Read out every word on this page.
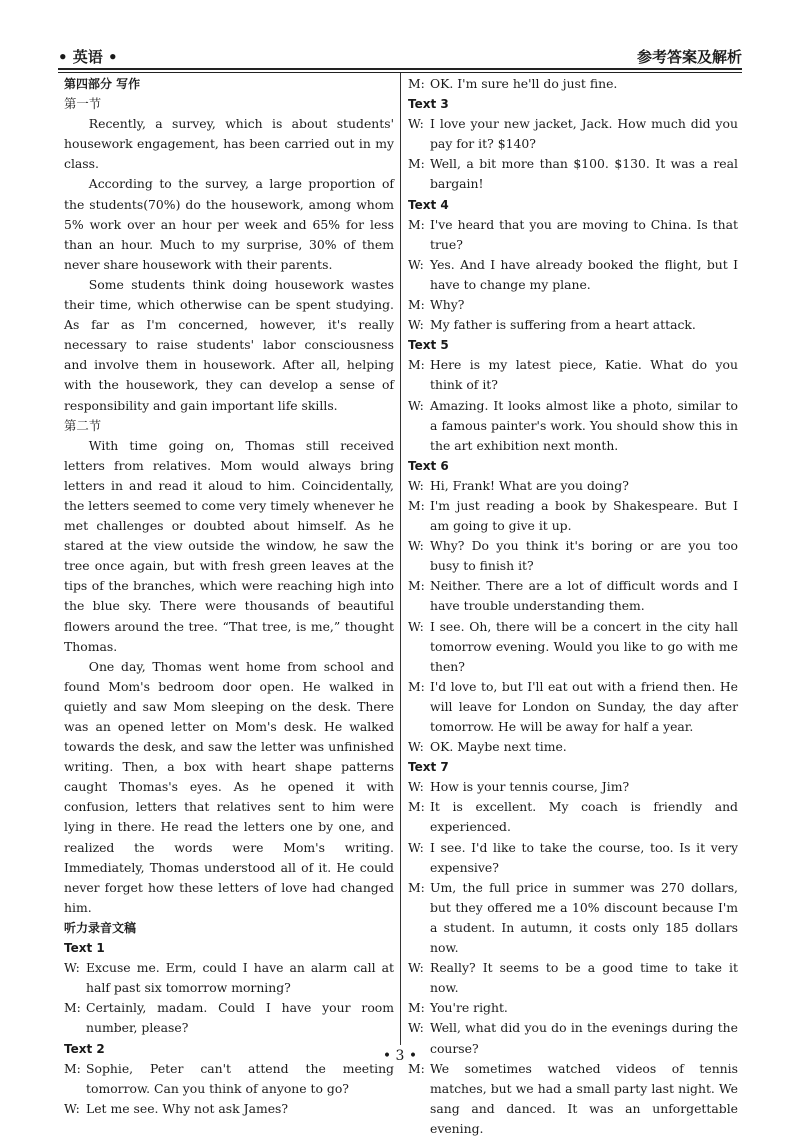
• 英语 •	参考答案及解析

第四部分 写作

第一节

Recently, a survey, which is about students' housework engagement, has been carried out in my class.

According to the survey, a large proportion of the students(70%) do the housework, among whom 5% work over an hour per week and 65% for less than an hour. Much to my surprise, 30% of them never share housework with their parents.

Some students think doing housework wastes their time, which otherwise can be spent studying. As far as I'm concerned, however, it's really necessary to raise students' labor consciousness and involve them in housework. After all, helping with the housework, they can develop a sense of responsibility and gain important life skills.

第二节

With time going on, Thomas still received letters from relatives. Mom would always bring letters in and read it aloud to him. Coincidentally, the letters seemed to come very timely whenever he met challenges or doubted about himself. As he stared at the view outside the window, he saw the tree once again, but with fresh green leaves at the tips of the branches, which were reaching high into the blue sky. There were thousands of beautiful flowers around the tree. “That tree, is me,” thought Thomas.

One day, Thomas went home from school and found Mom's bedroom door open. He walked in quietly and saw Mom sleeping on the desk. There was an opened letter on Mom's desk. He walked towards the desk, and saw the letter was unfinished writing. Then, a box with heart shape patterns caught Thomas's eyes. As he opened it with confusion, letters that relatives sent to him were lying in there. He read the letters one by one, and realized the words were Mom's writing. Immediately, Thomas understood all of it. He could never forget how these letters of love had changed him.

听力录音文稿

Text 1

W: Excuse me. Erm, could I have an alarm call at half past six tomorrow morning?
M: Certainly, madam. Could I have your room number, please?

Text 2

M: Sophie, Peter can't attend the meeting tomorrow. Can you think of anyone to go?
W: Let me see. Why not ask James?
M: OK. I'm sure he'll do just fine.

Text 3

W: I love your new jacket, Jack. How much did you pay for it? $140?
M: Well, a bit more than $100. $130. It was a real bargain!

Text 4

M: I've heard that you are moving to China. Is that true?
W: Yes. And I have already booked the flight, but I have to change my plane.
M: Why?
W: My father is suffering from a heart attack.

Text 5

M: Here is my latest piece, Katie. What do you think of it?
W: Amazing. It looks almost like a photo, similar to a famous painter's work. You should show this in the art exhibition next month.

Text 6

W: Hi, Frank! What are you doing?
M: I'm just reading a book by Shakespeare. But I am going to give it up.
W: Why? Do you think it's boring or are you too busy to finish it?
M: Neither. There are a lot of difficult words and I have trouble understanding them.
W: I see. Oh, there will be a concert in the city hall tomorrow evening. Would you like to go with me then?
M: I'd love to, but I'll eat out with a friend then. He will leave for London on Sunday, the day after tomorrow. He will be away for half a year.
W: OK. Maybe next time.

Text 7

W: How is your tennis course, Jim?
M: It is excellent. My coach is friendly and experienced.
W: I see. I'd like to take the course, too. Is it very expensive?
M: Um, the full price in summer was 270 dollars, but they offered me a 10% discount because I'm a student. In autumn, it costs only 185 dollars now.
W: Really? It seems to be a good time to take it now.
M: You're right.
W: Well, what did you do in the evenings during the course?
M: We sometimes watched videos of tennis matches, but we had a small party last night. We sang and danced. It was an unforgettable evening.
• 3 •
